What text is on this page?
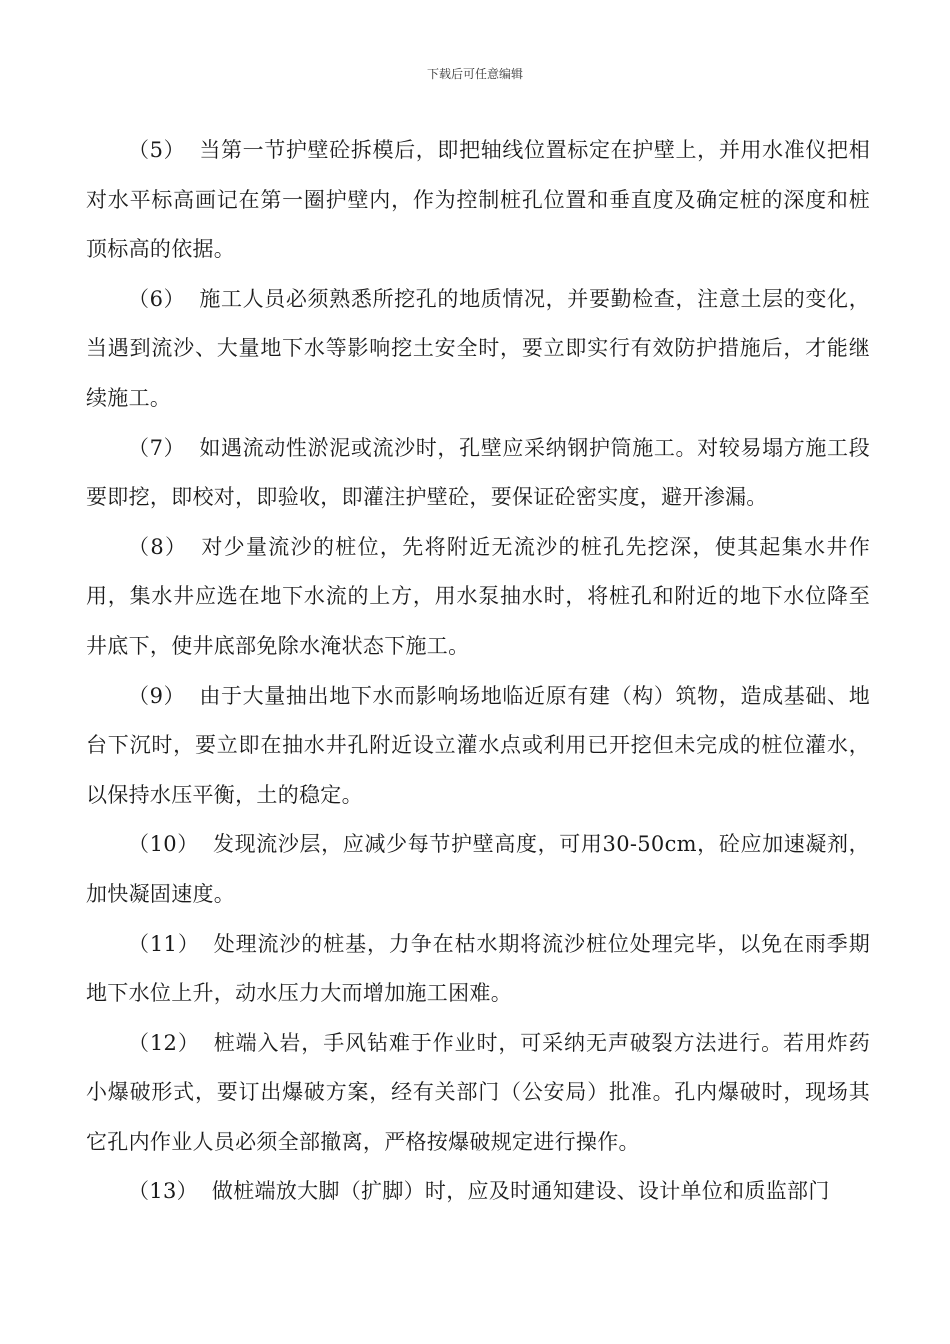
下载后可任意编辑

（5） 当第一节护壁砼拆模后，即把轴线位置标定在护壁上，并用水准仪把相对水平标高画记在第一圈护壁内，作为控制桩孔位置和垂直度及确定桩的深度和桩顶标高的依据。

（6） 施工人员必须熟悉所挖孔的地质情况，并要勤检查，注意土层的变化，当遇到流沙、大量地下水等影响挖土安全时，要立即实行有效防护措施后，才能继续施工。

（7） 如遇流动性淤泥或流沙时，孔壁应采纳钢护筒施工。对较易塌方施工段要即挖，即校对，即验收，即灌注护壁砼，要保证砼密实度，避开渗漏。

（8） 对少量流沙的桩位，先将附近无流沙的桩孔先挖深，使其起集水井作用，集水井应选在地下水流的上方，用水泵抽水时，将桩孔和附近的地下水位降至井底下，使井底部免除水淹状态下施工。

（9） 由于大量抽出地下水而影响场地临近原有建（构）筑物，造成基础、地台下沉时，要立即在抽水井孔附近设立灌水点或利用已开挖但未完成的桩位灌水，以保持水压平衡，土的稳定。

（10） 发现流沙层，应减少每节护壁高度，可用30-50cm，砼应加速凝剂，加快凝固速度。

（11） 处理流沙的桩基，力争在枯水期将流沙桩位处理完毕，以免在雨季期地下水位上升，动水压力大而增加施工困难。

（12） 桩端入岩，手风钻难于作业时，可采纳无声破裂方法进行。若用炸药小爆破形式，要订出爆破方案，经有关部门（公安局）批准。孔内爆破时，现场其它孔内作业人员必须全部撤离，严格按爆破规定进行操作。

（13） 做桩端放大脚（扩脚）时，应及时通知建设、设计单位和质监部门
